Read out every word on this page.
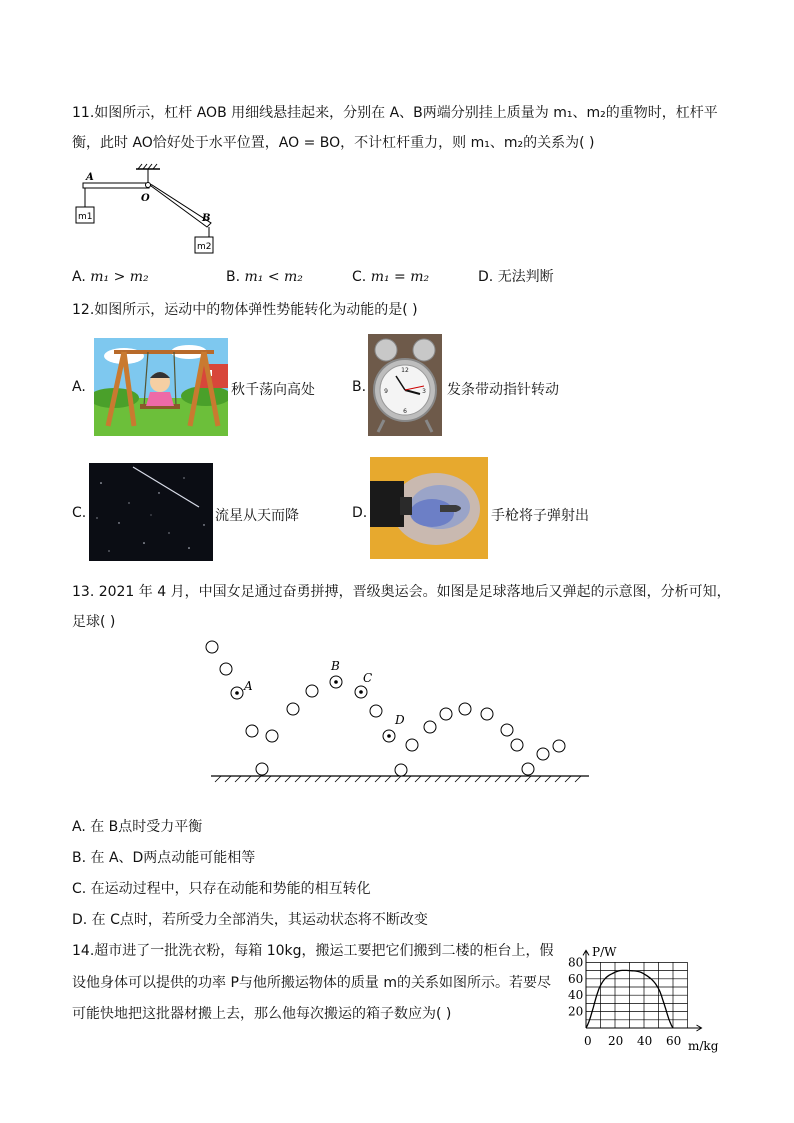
11.如图所示，杠杆 AOB 用细线悬挂起来，分别在 A、B两端分别挂上质量为 m₁、m₂的重物时，杠杆平
衡，此时 AO恰好处于水平位置，AO = BO，不计杠杆重力，则 m₁、m₂的关系为( )
A
O
B
m1
m2
A. m₁ > m₂	B. m₁ < m₂	C. m₁ = m₂	D. 无法判断
12.如图所示，运动中的物体弹性势能转化为动能的是( )
A.	秋千荡向高处	B.
12
3
6
9	发条带动指针转动
C.	流星从天而降	D.	手枪将子弹射出
13. 2021 年 4 月，中国女足通过奋勇拼搏，晋级奥运会。如图是足球落地后又弹起的示意图，分析可知，
足球( )
A
B
C
D
A. 在 B点时受力平衡
B. 在 A、D两点动能可能相等
C. 在运动过程中，只存在动能和势能的相互转化
D. 在 C点时，若所受力全部消失，其运动状态将不断改变
14.超市进了一批洗衣粉，每箱 10kg，搬运工要把它们搬到二楼的柜台上，假
设他身体可以提供的功率 P与他所搬运物体的质量 m的关系如图所示。若要尽
可能快地把这批器材搬上去，那么他每次搬运的箱子数应为( )
0 20 40 60
20
40
60
80
P/W
m/kg
